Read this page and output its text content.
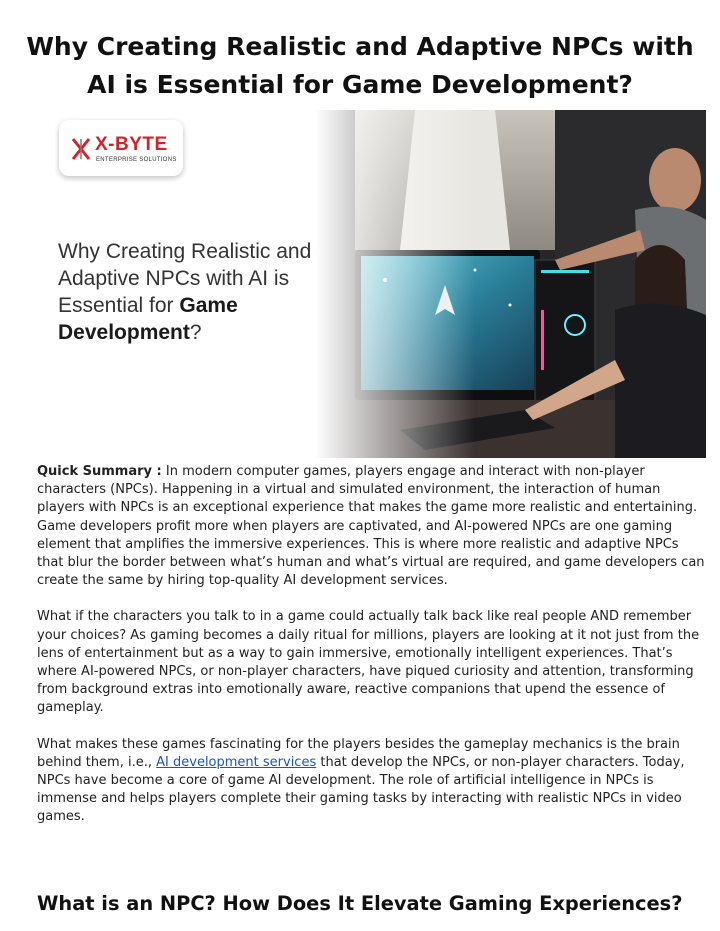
Why Creating Realistic and Adaptive NPCs with AI is Essential for Game Development?
X-BYTE
ENTERPRISE SOLUTIONS
Why Creating Realistic and Adaptive NPCs with AI is Essential for Game Development?

Quick Summary : In modern computer games, players engage and interact with non-player characters (NPCs). Happening in a virtual and simulated environment, the interaction of human players with NPCs is an exceptional experience that makes the game more realistic and entertaining. Game developers profit more when players are captivated, and AI-powered NPCs are one gaming element that amplifies the immersive experiences. This is where more realistic and adaptive NPCs that blur the border between what’s human and what’s virtual are required, and game developers can create the same by hiring top-quality AI development services.

What if the characters you talk to in a game could actually talk back like real people AND remember your choices? As gaming becomes a daily ritual for millions, players are looking at it not just from the lens of entertainment but as a way to gain immersive, emotionally intelligent experiences. That’s where AI-powered NPCs, or non-player characters, have piqued curiosity and attention, transforming from background extras into emotionally aware, reactive companions that upend the essence of gameplay.

What makes these games fascinating for the players besides the gameplay mechanics is the brain behind them, i.e., AI development services that develop the NPCs, or non-player characters. Today, NPCs have become a core of game AI development. The role of artificial intelligence in NPCs is immense and helps players complete their gaming tasks by interacting with realistic NPCs in video games.

What is an NPC? How Does It Elevate Gaming Experiences?
